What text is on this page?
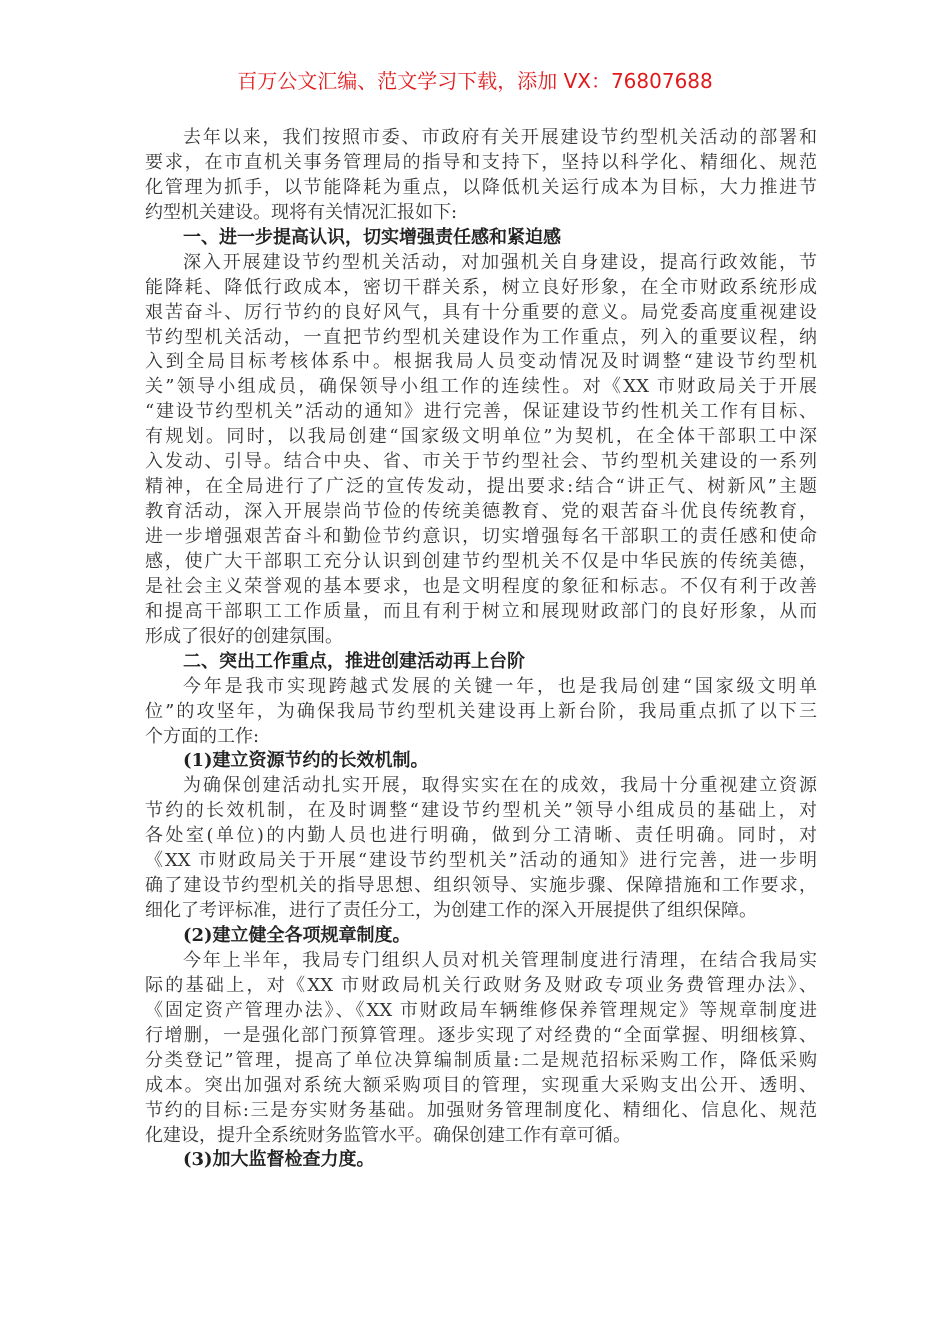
百万公文汇编、范文学习下载，添加 VX：76807688
去年以来，我们按照市委、市政府有关开展建设节约型机关活动的部署和
要求，在市直机关事务管理局的指导和支持下，坚持以科学化、精细化、规范
化管理为抓手，以节能降耗为重点，以降低机关运行成本为目标，大力推进节
约型机关建设。现将有关情况汇报如下:
一、进一步提高认识，切实增强责任感和紧迫感
深入开展建设节约型机关活动，对加强机关自身建设，提高行政效能，节
能降耗、降低行政成本，密切干群关系，树立良好形象，在全市财政系统形成
艰苦奋斗、厉行节约的良好风气，具有十分重要的意义。局党委高度重视建设
节约型机关活动，一直把节约型机关建设作为工作重点，列入的重要议程，纳
入到全局目标考核体系中。根据我局人员变动情况及时调整“建设节约型机
关”领导小组成员，确保领导小组工作的连续性。对《XX 市财政局关于开展
“建设节约型机关”活动的通知》进行完善，保证建设节约性机关工作有目标、
有规划。同时，以我局创建“国家级文明单位”为契机，在全体干部职工中深
入发动、引导。结合中央、省、市关于节约型社会、节约型机关建设的一系列
精神，在全局进行了广泛的宣传发动，提出要求:结合“讲正气、树新风”主题
教育活动，深入开展崇尚节俭的传统美德教育、党的艰苦奋斗优良传统教育，
进一步增强艰苦奋斗和勤俭节约意识，切实增强每名干部职工的责任感和使命
感，使广大干部职工充分认识到创建节约型机关不仅是中华民族的传统美德，
是社会主义荣誉观的基本要求，也是文明程度的象征和标志。不仅有利于改善
和提高干部职工工作质量，而且有利于树立和展现财政部门的良好形象，从而
形成了很好的创建氛围。
二、突出工作重点，推进创建活动再上台阶
今年是我市实现跨越式发展的关键一年，也是我局创建“国家级文明单
位”的攻坚年，为确保我局节约型机关建设再上新台阶，我局重点抓了以下三
个方面的工作:
(1)建立资源节约的长效机制。
为确保创建活动扎实开展，取得实实在在的成效，我局十分重视建立资源
节约的长效机制，在及时调整“建设节约型机关”领导小组成员的基础上，对
各处室(单位)的内勤人员也进行明确，做到分工清晰、责任明确。同时，对
《XX 市财政局关于开展“建设节约型机关”活动的通知》进行完善，进一步明
确了建设节约型机关的指导思想、组织领导、实施步骤、保障措施和工作要求，
细化了考评标准，进行了责任分工，为创建工作的深入开展提供了组织保障。
(2)建立健全各项规章制度。
今年上半年，我局专门组织人员对机关管理制度进行清理，在结合我局实
际的基础上，对《XX 市财政局机关行政财务及财政专项业务费管理办法》、
《固定资产管理办法》、《XX 市财政局车辆维修保养管理规定》等规章制度进
行增删，一是强化部门预算管理。逐步实现了对经费的“全面掌握、明细核算、
分类登记”管理，提高了单位决算编制质量:二是规范招标采购工作，降低采购
成本。突出加强对系统大额采购项目的管理，实现重大采购支出公开、透明、
节约的目标:三是夯实财务基础。加强财务管理制度化、精细化、信息化、规范
化建设，提升全系统财务监管水平。确保创建工作有章可循。
(3)加大监督检查力度。
